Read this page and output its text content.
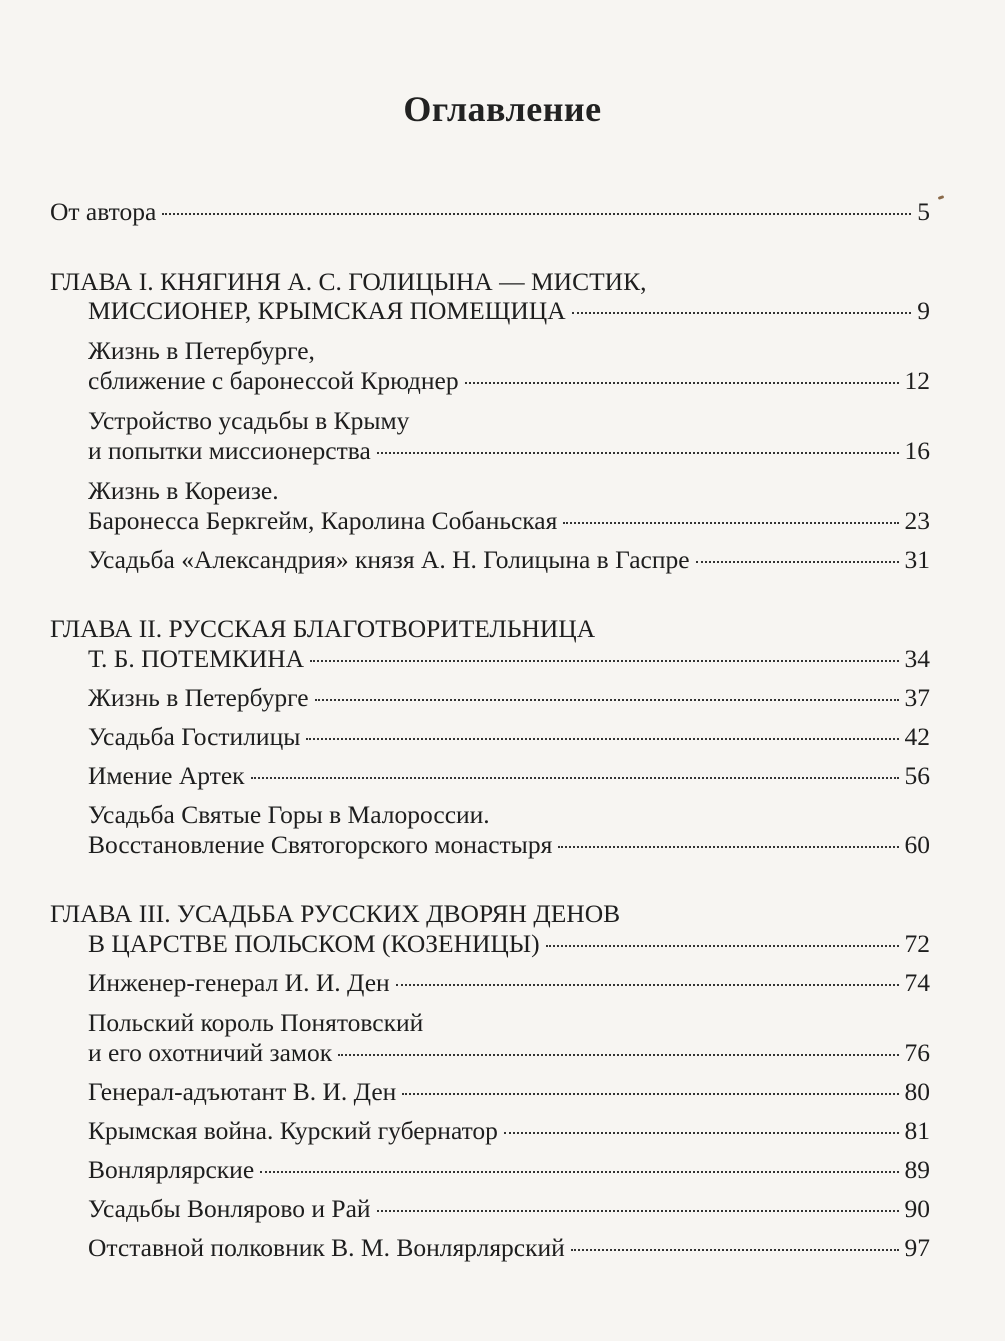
Оглавление
От автора	5
ГЛАВА I. КНЯГИНЯ А. С. ГОЛИЦЫНА — МИСТИК,
МИССИОНЕР, КРЫМСКАЯ ПОМЕЩИЦА	9
Жизнь в Петербурге,
сближение с баронессой Крюднер	12
Устройство усадьбы в Крыму
и попытки миссионерства	16
Жизнь в Кореизе.
Баронесса Беркгейм, Каролина Собаньская	23
Усадьба «Александрия» князя А. Н. Голицына в Гаспре	31
ГЛАВА II. РУССКАЯ БЛАГОТВОРИТЕЛЬНИЦА
Т. Б. ПОТЕМКИНА	34
Жизнь в Петербурге	37
Усадьба Гостилицы	42
Имение Артек	56
Усадьба Святые Горы в Малороссии.
Восстановление Святогорского монастыря	60
ГЛАВА III. УСАДЬБА РУССКИХ ДВОРЯН ДЕНОВ
В ЦАРСТВЕ ПОЛЬСКОМ (КОЗЕНИЦЫ)	72
Инженер-генерал И. И. Ден	74
Польский король Понятовский
и его охотничий замок	76
Генерал-адъютант В. И. Ден	80
Крымская война. Курский губернатор	81
Вонлярлярские	89
Усадьбы Вонлярово и Рай	90
Отставной полковник В. М. Вонлярлярский	97
